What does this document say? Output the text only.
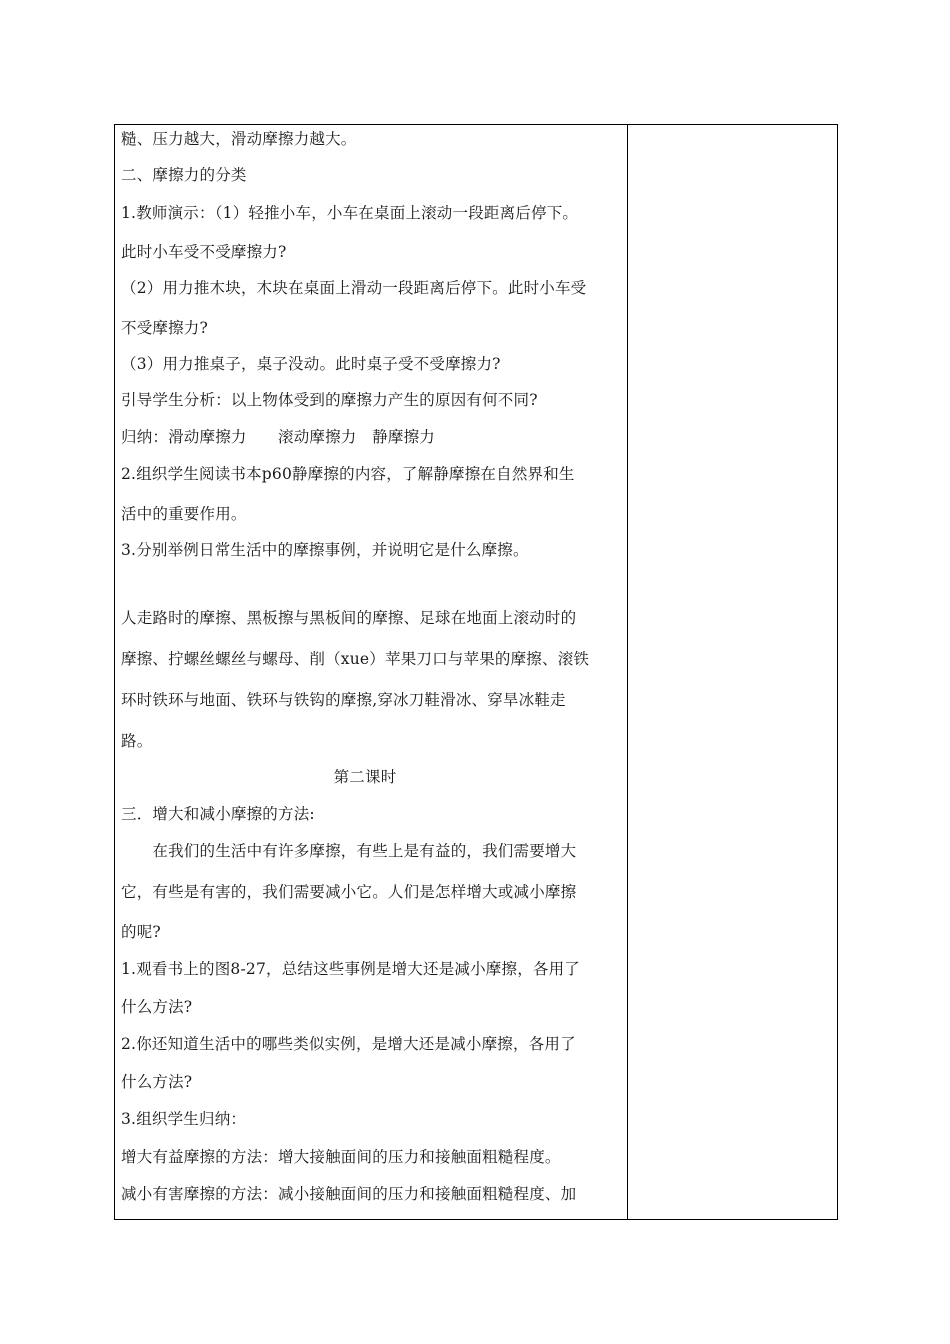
糙、压力越大，滑动摩擦力越大。
二、摩擦力的分类
1.教师演示：（1）轻推小车，小车在桌面上滚动一段距离后停下。
此时小车受不受摩擦力?
（2）用力推木块，木块在桌面上滑动一段距离后停下。此时小车受
不受摩擦力?
（3）用力推桌子，桌子没动。此时桌子受不受摩擦力?
引导学生分析：以上物体受到的摩擦力产生的原因有何不同?
归纳：滑动摩擦力　　滚动摩擦力　静摩擦力
2.组织学生阅读书本p60静摩擦的内容，了解静摩擦在自然界和生
活中的重要作用。
3.分别举例日常生活中的摩擦事例，并说明它是什么摩擦。
人走路时的摩擦、黑板擦与黑板间的摩擦、足球在地面上滚动时的
摩擦、拧螺丝螺丝与螺母、削（xue）苹果刀口与苹果的摩擦、滚铁
环时铁环与地面、铁环与铁钩的摩擦,穿冰刀鞋滑冰、穿旱冰鞋走
路。
第二课时
三．增大和减小摩擦的方法:
　　在我们的生活中有许多摩擦，有些上是有益的，我们需要增大
它，有些是有害的，我们需要减小它。人们是怎样增大或减小摩擦
的呢?
1.观看书上的图8-27，总结这些事例是增大还是减小摩擦，各用了
什么方法?
2.你还知道生活中的哪些类似实例，是增大还是减小摩擦，各用了
什么方法?
3.组织学生归纳：
增大有益摩擦的方法：增大接触面间的压力和接触面粗糙程度。
减小有害摩擦的方法：减小接触面间的压力和接触面粗糙程度、加
